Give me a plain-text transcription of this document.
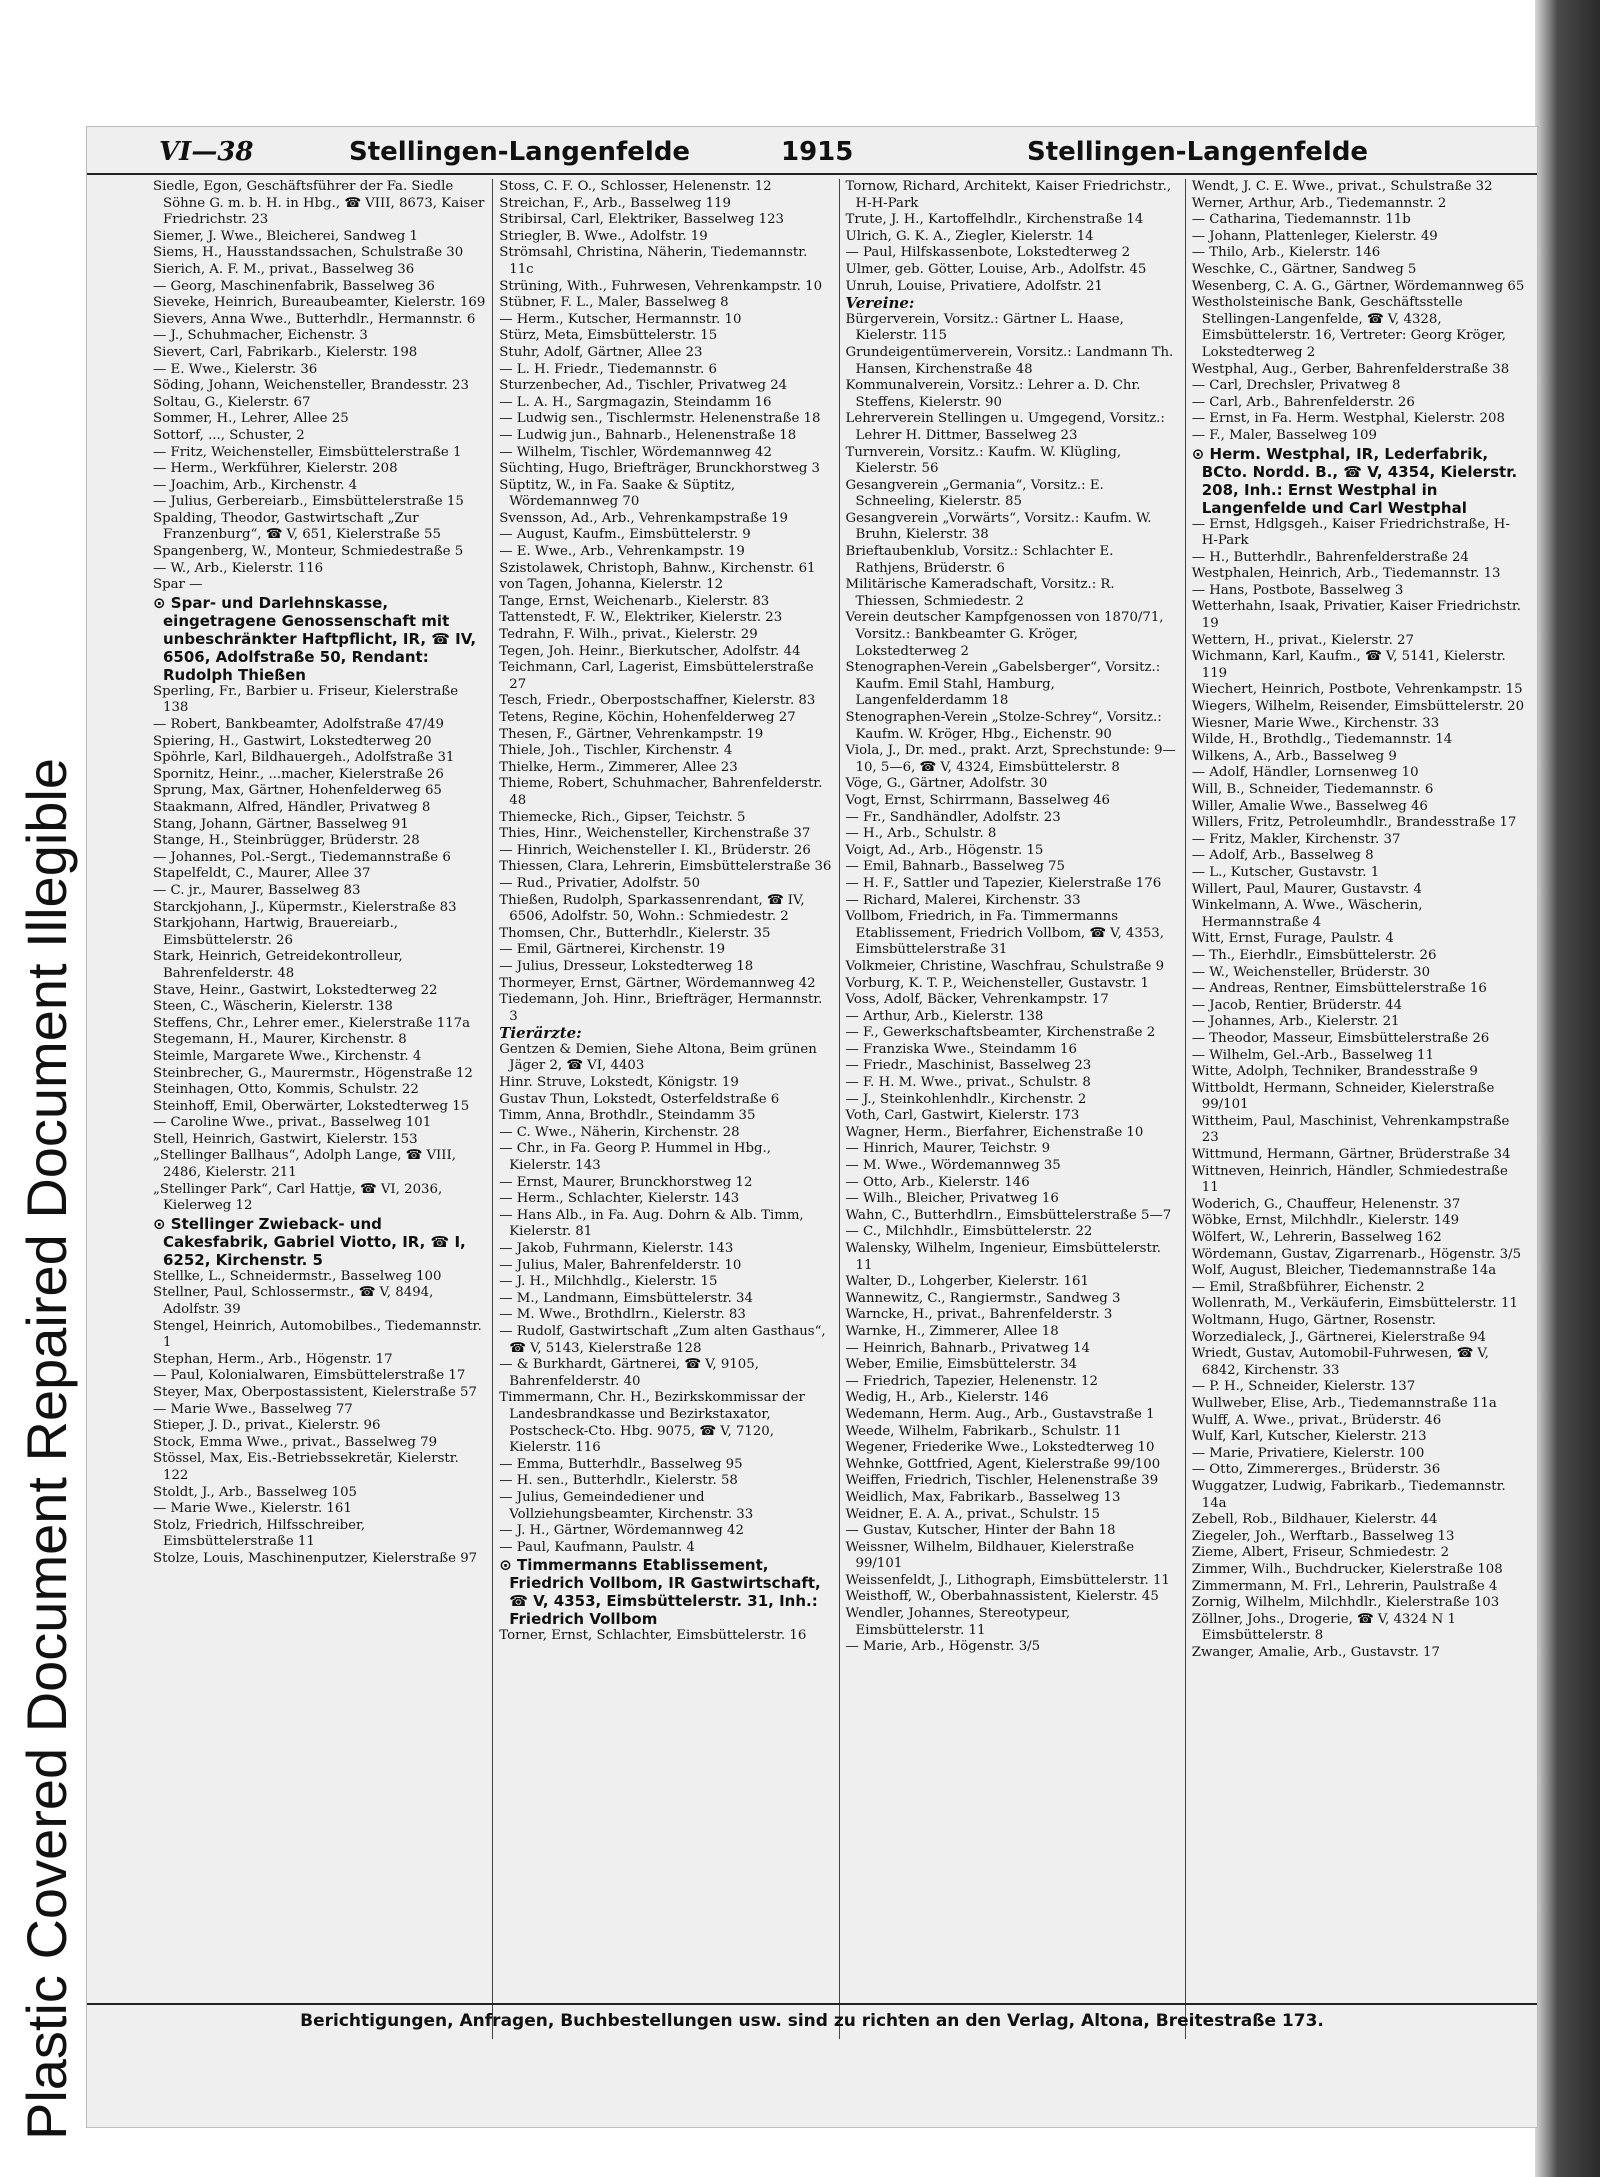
Plastic Covered Document Repaired Document Illegible
VI—38	Stellingen-Langenfelde	1915	Stellingen-Langenfelde
Siedle, Egon, Geschäftsführer der Fa. Siedle Söhne G. m. b. H. in Hbg., ☎ VIII, 8673, Kaiser Friedrichstr. 23
Siemer, J. Wwe., Bleicherei, Sandweg 1
Siems, H., Hausstandssachen, Schulstraße 30
Sierich, A. F. M., privat., Basselweg 36
— Georg, Maschinenfabrik, Basselweg 36
Sieveke, Heinrich, Bureaubeamter, Kielerstr. 169
Sievers, Anna Wwe., Butterhdlr., Hermannstr. 6
— J., Schuhmacher, Eichenstr. 3
Sievert, Carl, Fabrikarb., Kielerstr. 198
— E. Wwe., Kielerstr. 36
Söding, Johann, Weichensteller, Brandesstr. 23
Soltau, G., Kielerstr. 67
Sommer, H., Lehrer, Allee 25
Sottorf, ..., Schuster, 2
— Fritz, Weichensteller, Eimsbüttelerstraße 1
— Herm., Werkführer, Kielerstr. 208
— Joachim, Arb., Kirchenstr. 4
— Julius, Gerbereiarb., Eimsbüttelerstraße 15
Spalding, Theodor, Gastwirtschaft „Zur Franzenburg“, ☎ V, 651, Kielerstraße 55
Spangenberg, W., Monteur, Schmiedestraße 5
— W., Arb., Kielerstr. 116
Spar —
⊙ Spar- und Darlehnskasse, eingetragene Genossenschaft mit unbeschränkter Haftpflicht, IR, ☎ IV, 6506, Adolfstraße 50, Rendant: Rudolph Thießen
Sperling, Fr., Barbier u. Friseur, Kielerstraße 138
— Robert, Bankbeamter, Adolfstraße 47/49
Spiering, H., Gastwirt, Lokstedterweg 20
Spöhrle, Karl, Bildhauergeh., Adolfstraße 31
Spornitz, Heinr., ...macher, Kielerstraße 26
Sprung, Max, Gärtner, Hohenfelderweg 65
Staakmann, Alfred, Händler, Privatweg 8
Stang, Johann, Gärtner, Basselweg 91
Stange, H., Steinbrügger, Brüderstr. 28
— Johannes, Pol.-Sergt., Tiedemannstraße 6
Stapelfeldt, C., Maurer, Allee 37
— C. jr., Maurer, Basselweg 83
Starckjohann, J., Küpermstr., Kielerstraße 83
Starkjohann, Hartwig, Brauereiarb., Eimsbüttelerstr. 26
Stark, Heinrich, Getreidekontrolleur, Bahrenfelderstr. 48
Stave, Heinr., Gastwirt, Lokstedterweg 22
Steen, C., Wäscherin, Kielerstr. 138
Steffens, Chr., Lehrer emer., Kielerstraße 117a
Stegemann, H., Maurer, Kirchenstr. 8
Steimle, Margarete Wwe., Kirchenstr. 4
Steinbrecher, G., Maurermstr., Högenstraße 12
Steinhagen, Otto, Kommis, Schulstr. 22
Steinhoff, Emil, Oberwärter, Lokstedterweg 15
— Caroline Wwe., privat., Basselweg 101
Stell, Heinrich, Gastwirt, Kielerstr. 153
„Stellinger Ballhaus“, Adolph Lange, ☎ VIII, 2486, Kielerstr. 211
„Stellinger Park“, Carl Hattje, ☎ VI, 2036, Kielerweg 12
⊙ Stellinger Zwieback- und Cakesfabrik, Gabriel Viotto, IR, ☎ I, 6252, Kirchenstr. 5
Stellke, L., Schneidermstr., Basselweg 100
Stellner, Paul, Schlossermstr., ☎ V, 8494, Adolfstr. 39
Stengel, Heinrich, Automobilbes., Tiedemannstr. 1
Stephan, Herm., Arb., Högenstr. 17
— Paul, Kolonialwaren, Eimsbüttelerstraße 17
Steyer, Max, Oberpostassistent, Kielerstraße 57
— Marie Wwe., Basselweg 77
Stieper, J. D., privat., Kielerstr. 96
Stock, Emma Wwe., privat., Basselweg 79
Stössel, Max, Eis.-Betriebssekretär, Kielerstr. 122
Stoldt, J., Arb., Basselweg 105
— Marie Wwe., Kielerstr. 161
Stolz, Friedrich, Hilfsschreiber, Eimsbüttelerstraße 11
Stolze, Louis, Maschinenputzer, Kielerstraße 97
Stoss, C. F. O., Schlosser, Helenenstr. 12
Streichan, F., Arb., Basselweg 119
Stribirsal, Carl, Elektriker, Basselweg 123
Striegler, B. Wwe., Adolfstr. 19
Strömsahl, Christina, Näherin, Tiedemannstr. 11c
Strüning, With., Fuhrwesen, Vehrenkampstr. 10
Stübner, F. L., Maler, Basselweg 8
— Herm., Kutscher, Hermannstr. 10
Stürz, Meta, Eimsbüttelerstr. 15
Stuhr, Adolf, Gärtner, Allee 23
— L. H. Friedr., Tiedemannstr. 6
Sturzenbecher, Ad., Tischler, Privatweg 24
— L. A. H., Sargmagazin, Steindamm 16
— Ludwig sen., Tischlermstr. Helenenstraße 18
— Ludwig jun., Bahnarb., Helenenstraße 18
— Wilhelm, Tischler, Wördemannweg 42
Süchting, Hugo, Briefträger, Brunckhorstweg 3
Süptitz, W., in Fa. Saake & Süptitz, Wördemannweg 70
Svensson, Ad., Arb., Vehrenkampstraße 19
— August, Kaufm., Eimsbüttelerstr. 9
— E. Wwe., Arb., Vehrenkampstr. 19
Szistolawek, Christoph, Bahnw., Kirchenstr. 61
von Tagen, Johanna, Kielerstr. 12
Tange, Ernst, Weichenarb., Kielerstr. 83
Tattenstedt, F. W., Elektriker, Kielerstr. 23
Tedrahn, F. Wilh., privat., Kielerstr. 29
Tegen, Joh. Heinr., Bierkutscher, Adolfstr. 44
Teichmann, Carl, Lagerist, Eimsbüttelerstraße 27
Tesch, Friedr., Oberpostschaffner, Kielerstr. 83
Tetens, Regine, Köchin, Hohenfelderweg 27
Thesen, F., Gärtner, Vehrenkampstr. 19
Thiele, Joh., Tischler, Kirchenstr. 4
Thielke, Herm., Zimmerer, Allee 23
Thieme, Robert, Schuhmacher, Bahrenfelderstr. 48
Thiemecke, Rich., Gipser, Teichstr. 5
Thies, Hinr., Weichensteller, Kirchenstraße 37
— Hinrich, Weichensteller I. Kl., Brüderstr. 26
Thiessen, Clara, Lehrerin, Eimsbüttelerstraße 36
— Rud., Privatier, Adolfstr. 50
Thießen, Rudolph, Sparkassenrendant, ☎ IV, 6506, Adolfstr. 50, Wohn.: Schmiedestr. 2
Thomsen, Chr., Butterhdlr., Kielerstr. 35
— Emil, Gärtnerei, Kirchenstr. 19
— Julius, Dresseur, Lokstedterweg 18
Thormeyer, Ernst, Gärtner, Wördemannweg 42
Tiedemann, Joh. Hinr., Briefträger, Hermannstr. 3
Tierärzte:
Gentzen & Demien, Siehe Altona, Beim grünen Jäger 2, ☎ VI, 4403
Hinr. Struve, Lokstedt, Königstr. 19
Gustav Thun, Lokstedt, Osterfeldstraße 6
Timm, Anna, Brothdlr., Steindamm 35
— C. Wwe., Näherin, Kirchenstr. 28
— Chr., in Fa. Georg P. Hummel in Hbg., Kielerstr. 143
— Ernst, Maurer, Brunckhorstweg 12
— Herm., Schlachter, Kielerstr. 143
— Hans Alb., in Fa. Aug. Dohrn & Alb. Timm, Kielerstr. 81
— Jakob, Fuhrmann, Kielerstr. 143
— Julius, Maler, Bahrenfelderstr. 10
— J. H., Milchhdlg., Kielerstr. 15
— M., Landmann, Eimsbüttelerstr. 34
— M. Wwe., Brothdlrn., Kielerstr. 83
— Rudolf, Gastwirtschaft „Zum alten Gasthaus“, ☎ V, 5143, Kielerstraße 128
— & Burkhardt, Gärtnerei, ☎ V, 9105, Bahrenfelderstr. 40
Timmermann, Chr. H., Bezirkskommissar der Landesbrandkasse und Bezirkstaxator, Postscheck-Cto. Hbg. 9075, ☎ V, 7120, Kielerstr. 116
— Emma, Butterhdlr., Basselweg 95
— H. sen., Butterhdlr., Kielerstr. 58
— Julius, Gemeindediener und Vollziehungsbeamter, Kirchenstr. 33
— J. H., Gärtner, Wördemannweg 42
— Paul, Kaufmann, Paulstr. 4
⊙ Timmermanns Etablissement, Friedrich Vollbom, IR Gastwirtschaft, ☎ V, 4353, Eimsbüttelerstr. 31, Inh.: Friedrich Vollbom
Torner, Ernst, Schlachter, Eimsbüttelerstr. 16
Tornow, Richard, Architekt, Kaiser Friedrichstr., H-H-Park
Trute, J. H., Kartoffelhdlr., Kirchenstraße 14
Ulrich, G. K. A., Ziegler, Kielerstr. 14
— Paul, Hilfskassenbote, Lokstedterweg 2
Ulmer, geb. Götter, Louise, Arb., Adolfstr. 45
Unruh, Louise, Privatiere, Adolfstr. 21
Vereine:
Bürgerverein, Vorsitz.: Gärtner L. Haase, Kielerstr. 115
Grundeigentümerverein, Vorsitz.: Landmann Th. Hansen, Kirchenstraße 48
Kommunalverein, Vorsitz.: Lehrer a. D. Chr. Steffens, Kielerstr. 90
Lehrerverein Stellingen u. Umgegend, Vorsitz.: Lehrer H. Dittmer, Basselweg 23
Turnverein, Vorsitz.: Kaufm. W. Klügling, Kielerstr. 56
Gesangverein „Germania“, Vorsitz.: E. Schneeling, Kielerstr. 85
Gesangverein „Vorwärts“, Vorsitz.: Kaufm. W. Bruhn, Kielerstr. 38
Brieftaubenklub, Vorsitz.: Schlachter E. Rathjens, Brüderstr. 6
Militärische Kameradschaft, Vorsitz.: R. Thiessen, Schmiedestr. 2
Verein deutscher Kampfgenossen von 1870/71, Vorsitz.: Bankbeamter G. Kröger, Lokstedterweg 2
Stenographen-Verein „Gabelsberger“, Vorsitz.: Kaufm. Emil Stahl, Hamburg, Langenfelderdamm 18
Stenographen-Verein „Stolze-Schrey“, Vorsitz.: Kaufm. W. Kröger, Hbg., Eichenstr. 90
Viola, J., Dr. med., prakt. Arzt, Sprechstunde: 9—10, 5—6, ☎ V, 4324, Eimsbüttelerstr. 8
Vöge, G., Gärtner, Adolfstr. 30
Vogt, Ernst, Schirrmann, Basselweg 46
— Fr., Sandhändler, Adolfstr. 23
— H., Arb., Schulstr. 8
Voigt, Ad., Arb., Högenstr. 15
— Emil, Bahnarb., Basselweg 75
— H. F., Sattler und Tapezier, Kielerstraße 176
— Richard, Malerei, Kirchenstr. 33
Vollbom, Friedrich, in Fa. Timmermanns Etablissement, Friedrich Vollbom, ☎ V, 4353, Eimsbüttelerstraße 31
Volkmeier, Christine, Waschfrau, Schulstraße 9
Vorburg, K. T. P., Weichensteller, Gustavstr. 1
Voss, Adolf, Bäcker, Vehrenkampstr. 17
— Arthur, Arb., Kielerstr. 138
— F., Gewerkschaftsbeamter, Kirchenstraße 2
— Franziska Wwe., Steindamm 16
— Friedr., Maschinist, Basselweg 23
— F. H. M. Wwe., privat., Schulstr. 8
— J., Steinkohlenhdlr., Kirchenstr. 2
Voth, Carl, Gastwirt, Kielerstr. 173
Wagner, Herm., Bierfahrer, Eichenstraße 10
— Hinrich, Maurer, Teichstr. 9
— M. Wwe., Wördemannweg 35
— Otto, Arb., Kielerstr. 146
— Wilh., Bleicher, Privatweg 16
Wahn, C., Butterhdlrn., Eimsbüttelerstraße 5—7
— C., Milchhdlr., Eimsbüttelerstr. 22
Walensky, Wilhelm, Ingenieur, Eimsbüttelerstr. 11
Walter, D., Lohgerber, Kielerstr. 161
Wannewitz, C., Rangiermstr., Sandweg 3
Warncke, H., privat., Bahrenfelderstr. 3
Warnke, H., Zimmerer, Allee 18
— Heinrich, Bahnarb., Privatweg 14
Weber, Emilie, Eimsbüttelerstr. 34
— Friedrich, Tapezier, Helenenstr. 12
Wedig, H., Arb., Kielerstr. 146
Wedemann, Herm. Aug., Arb., Gustavstraße 1
Weede, Wilhelm, Fabrikarb., Schulstr. 11
Wegener, Friederike Wwe., Lokstedterweg 10
Wehnke, Gottfried, Agent, Kielerstraße 99/100
Weiffen, Friedrich, Tischler, Helenenstraße 39
Weidlich, Max, Fabrikarb., Basselweg 13
Weidner, E. A. A., privat., Schulstr. 15
— Gustav, Kutscher, Hinter der Bahn 18
Weissner, Wilhelm, Bildhauer, Kielerstraße 99/101
Weissenfeldt, J., Lithograph, Eimsbüttelerstr. 11
Weisthoff, W., Oberbahnassistent, Kielerstr. 45
Wendler, Johannes, Stereotypeur, Eimsbüttelerstr. 11
— Marie, Arb., Högenstr. 3/5
Wendt, J. C. E. Wwe., privat., Schulstraße 32
Werner, Arthur, Arb., Tiedemannstr. 2
— Catharina, Tiedemannstr. 11b
— Johann, Plattenleger, Kielerstr. 49
— Thilo, Arb., Kielerstr. 146
Weschke, C., Gärtner, Sandweg 5
Wesenberg, C. A. G., Gärtner, Wördemannweg 65
Westholsteinische Bank, Geschäftsstelle Stellingen-Langenfelde, ☎ V, 4328, Eimsbüttelerstr. 16, Vertreter: Georg Kröger, Lokstedterweg 2
Westphal, Aug., Gerber, Bahrenfelderstraße 38
— Carl, Drechsler, Privatweg 8
— Carl, Arb., Bahrenfelderstr. 26
— Ernst, in Fa. Herm. Westphal, Kielerstr. 208
— F., Maler, Basselweg 109
⊙ Herm. Westphal, IR, Lederfabrik, BCto. Nordd. B., ☎ V, 4354, Kielerstr. 208, Inh.: Ernst Westphal in Langenfelde und Carl Westphal
— Ernst, Hdlgsgeh., Kaiser Friedrichstraße, H-H-Park
— H., Butterhdlr., Bahrenfelderstraße 24
Westphalen, Heinrich, Arb., Tiedemannstr. 13
— Hans, Postbote, Basselweg 3
Wetterhahn, Isaak, Privatier, Kaiser Friedrichstr. 19
Wettern, H., privat., Kielerstr. 27
Wichmann, Karl, Kaufm., ☎ V, 5141, Kielerstr. 119
Wiechert, Heinrich, Postbote, Vehrenkampstr. 15
Wiegers, Wilhelm, Reisender, Eimsbüttelerstr. 20
Wiesner, Marie Wwe., Kirchenstr. 33
Wilde, H., Brothdlg., Tiedemannstr. 14
Wilkens, A., Arb., Basselweg 9
— Adolf, Händler, Lornsenweg 10
Will, B., Schneider, Tiedemannstr. 6
Willer, Amalie Wwe., Basselweg 46
Willers, Fritz, Petroleumhdlr., Brandesstraße 17
— Fritz, Makler, Kirchenstr. 37
— Adolf, Arb., Basselweg 8
— L., Kutscher, Gustavstr. 1
Willert, Paul, Maurer, Gustavstr. 4
Winkelmann, A. Wwe., Wäscherin, Hermannstraße 4
Witt, Ernst, Furage, Paulstr. 4
— Th., Eierhdlr., Eimsbüttelerstr. 26
— W., Weichensteller, Brüderstr. 30
— Andreas, Rentner, Eimsbüttelerstraße 16
— Jacob, Rentier, Brüderstr. 44
— Johannes, Arb., Kielerstr. 21
— Theodor, Masseur, Eimsbüttelerstraße 26
— Wilhelm, Gel.-Arb., Basselweg 11
Witte, Adolph, Techniker, Brandesstraße 9
Wittboldt, Hermann, Schneider, Kielerstraße 99/101
Wittheim, Paul, Maschinist, Vehrenkampstraße 23
Wittmund, Hermann, Gärtner, Brüderstraße 34
Wittneven, Heinrich, Händler, Schmiedestraße 11
Woderich, G., Chauffeur, Helenenstr. 37
Wöbke, Ernst, Milchhdlr., Kielerstr. 149
Wölfert, W., Lehrerin, Basselweg 162
Wördemann, Gustav, Zigarrenarb., Högenstr. 3/5
Wolf, August, Bleicher, Tiedemannstraße 14a
— Emil, Straßbführer, Eichenstr. 2
Wollenrath, M., Verkäuferin, Eimsbüttelerstr. 11
Woltmann, Hugo, Gärtner, Rosenstr.
Worzedialeck, J., Gärtnerei, Kielerstraße 94
Wriedt, Gustav, Automobil-Fuhrwesen, ☎ V, 6842, Kirchenstr. 33
— P. H., Schneider, Kielerstr. 137
Wullweber, Elise, Arb., Tiedemannstraße 11a
Wulff, A. Wwe., privat., Brüderstr. 46
Wulf, Karl, Kutscher, Kielerstr. 213
— Marie, Privatiere, Kielerstr. 100
— Otto, Zimmererges., Brüderstr. 36
Wuggatzer, Ludwig, Fabrikarb., Tiedemannstr. 14a
Zebell, Rob., Bildhauer, Kielerstr. 44
Ziegeler, Joh., Werftarb., Basselweg 13
Zieme, Albert, Friseur, Schmiedestr. 2
Zimmer, Wilh., Buchdrucker, Kielerstraße 108
Zimmermann, M. Frl., Lehrerin, Paulstraße 4
Zornig, Wilhelm, Milchhdlr., Kielerstraße 103
Zöllner, Johs., Drogerie, ☎ V, 4324 N 1 Eimsbüttelerstr. 8
Zwanger, Amalie, Arb., Gustavstr. 17
Berichtigungen, Anfragen, Buchbestellungen usw. sind zu richten an den Verlag, Altona, Breitestraße 173.
